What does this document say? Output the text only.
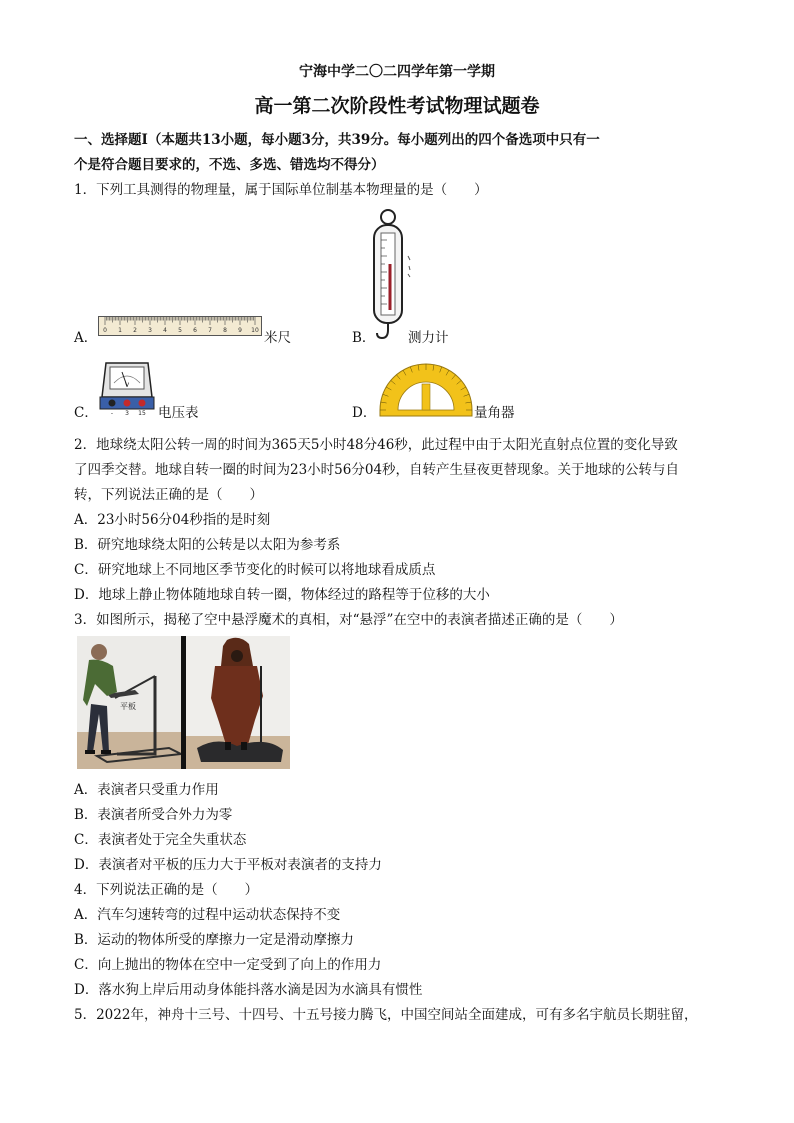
宁海中学二〇二四学年第一学期
高一第二次阶段性考试物理试题卷
一、选择题Ⅰ（本题共13小题，每小题3分，共39分。每小题列出的四个备选项中只有一
个是符合题目要求的，不选、多选、错选均不得分）
1．下列工具测得的物理量，属于国际单位制基本物理量的是（　　）
A． 0 1 2 3 4 5 6 7 8 9 10 米尺	B． 测力计
C．
V
- 3 15 电压表	D．	量角器
2．地球绕太阳公转一周的时间为365天5小时48分46秒，此过程中由于太阳光直射点位置的变化导致
了四季交替。地球自转一圈的时间为23小时56分04秒，自转产生昼夜更替现象。关于地球的公转与自
转，下列说法正确的是（　　）
A．23小时56分04秒指的是时刻
B．研究地球绕太阳的公转是以太阳为参考系
C．研究地球上不同地区季节变化的时候可以将地球看成质点
D．地球上静止物体随地球自转一圈，物体经过的路程等于位移的大小
3．如图所示，揭秘了空中悬浮魔术的真相，对“悬浮”在空中的表演者描述正确的是（　　）
平板
A．表演者只受重力作用
B．表演者所受合外力为零
C．表演者处于完全失重状态
D．表演者对平板的压力大于平板对表演者的支持力
4．下列说法正确的是（　　）
A．汽车匀速转弯的过程中运动状态保持不变
B．运动的物体所受的摩擦力一定是滑动摩擦力
C．向上抛出的物体在空中一定受到了向上的作用力
D．落水狗上岸后用动身体能抖落水滴是因为水滴具有惯性
5．2022年，神舟十三号、十四号、十五号接力腾飞，中国空间站全面建成，可有多名宇航员长期驻留，
